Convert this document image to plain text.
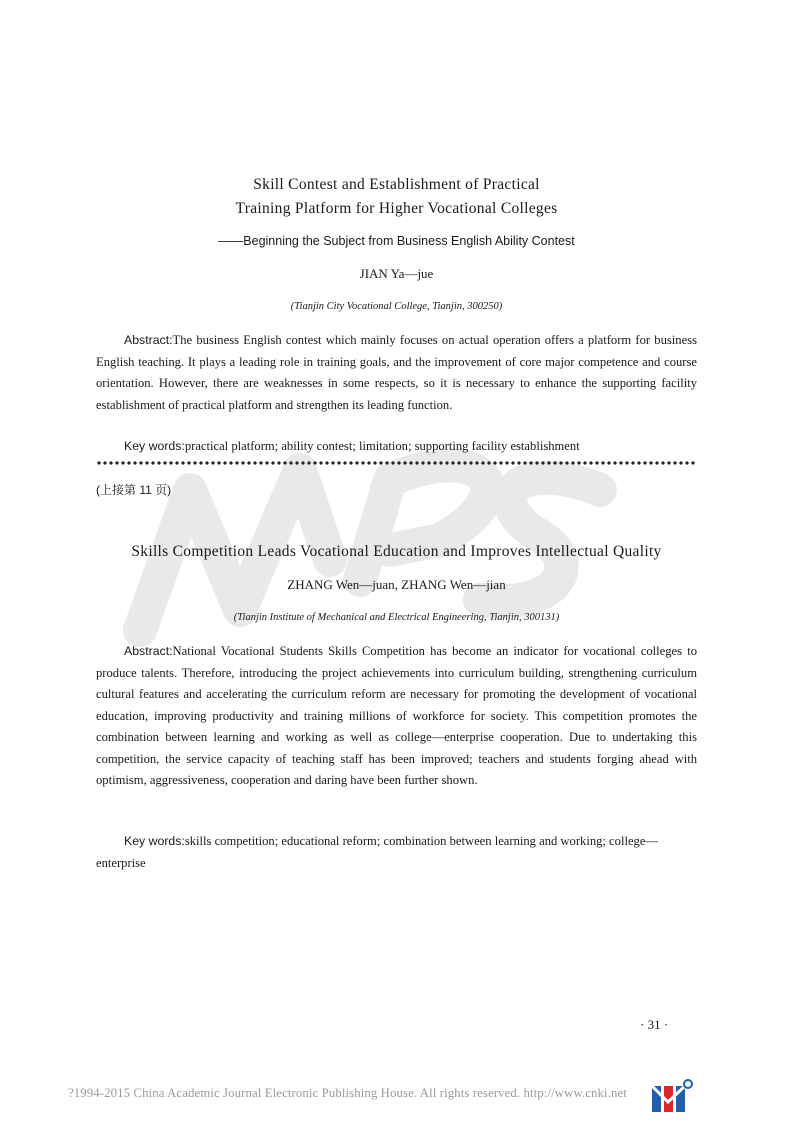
Skill Contest and Establishment of Practical
Training Platform for Higher Vocational Colleges
——Beginning the Subject from Business English Ability Contest
JIAN Ya—jue
(Tianjin City Vocational College, Tianjin, 300250)
Abstract:The business English contest which mainly focuses on actual operation offers a platform for business English teaching. It plays a leading role in training goals, and the improvement of core major competence and course orientation. However, there are weaknesses in some respects, so it is necessary to enhance the supporting facility establishment of practical platform and strengthen its leading function.
Key words:practical platform; ability contest; limitation; supporting facility establishment
(上接第 11 页)
Skills Competition Leads Vocational Education and Improves Intellectual Quality
ZHANG Wen—juan, ZHANG Wen—jian
(Tianjin Institute of Mechanical and Electrical Engineering, Tianjin, 300131)
Abstract:National Vocational Students Skills Competition has become an indicator for vocational colleges to produce talents. Therefore, introducing the project achievements into curriculum building, strengthening curriculum cultural features and accelerating the curriculum reform are necessary for promoting the development of vocational education, improving productivity and training millions of workforce for society. This competition promotes the combination between learning and working as well as college—enterprise cooperation. Due to undertaking this competition, the service capacity of teaching staff has been improved; teachers and students forging ahead with optimism, aggressiveness, cooperation and daring have been further shown.
Key words:skills competition; educational reform; combination between learning and working; college—enterprise
· 31 ·
?1994-2015 China Academic Journal Electronic Publishing House. All rights reserved. http://www.cnki.net
